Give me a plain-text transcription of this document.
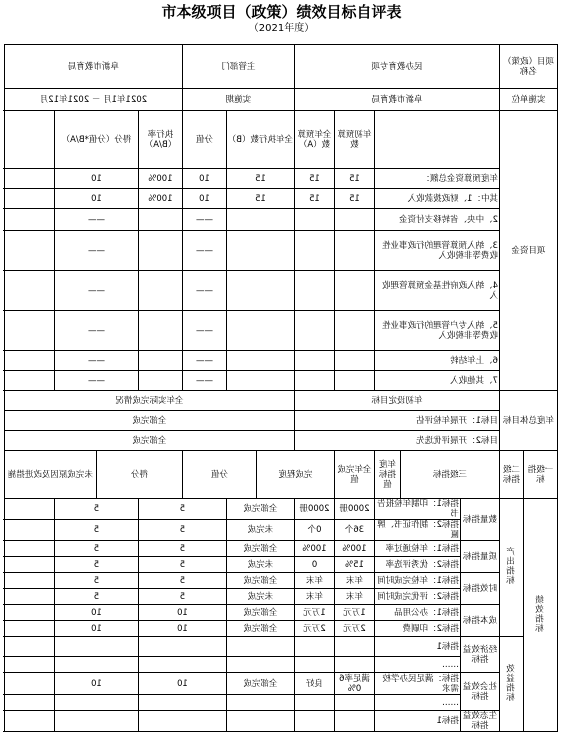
市本级项目（政策）绩效目标自评表
（2021年度）
项目（政策）名称		民办教育专项					主管部门			阜新市教育局			
实施单位		阜新市教育局					实施期			2021年1月 － 2021年12月			
项目资金					年初预算数	全年预算数（A）	全年执行数（B）		分值	执行率（B/A）	得分（分值*B/A）		
		年度预算资金总额：			15	15	15		10	100%	10		
		其中：1、财政拨款收入			15	15	15		10	100%	10		
		2、中央、省转移支付资金							——		——		
		3、纳入预算管理的行政事业性收费等非税收入							——		——		
		4、纳入政府性基金预算管理收入							——		——		
		5、纳入专户管理的行政事业性收费等非税收入							——		——		
		6、上年结转							——		——		
		7、其他收入							——		——		
年度总体目标		年初设定目标					全年实际完成情况						
		目标1：开展年检评估					全部完成						
		目标2：开展评优选先					全部完成						
一级指标	二级指标	三级指标		年度指标值	全年完成值	完成程度		分值		得分		未完成原因及改进措施	
绩效指标	产出指标	数量指标	指标1：印制年检报告书		2000册	2000册	全部完成		5		5		
			指标2：制作证书、牌匾		36个	0个	未完成		5		5		
		质量指标	指标1：年检通过率		100%	100%	全部完成		5		5		
			指标2：优秀评选率		15%	0	未完成		5		5		
		时效指标	指标1：年检完成时间		年末	年末	全部完成		5		5		
			指标2：评优完成时间		年末	年末	未完成		5		5		
		成本指标	指标1：办公用品		1万元	1万元	全部完成		10		10		
			指标2：印刷费		2万元	2万元	全部完成		10		10		
	效益指标	经济效益指标	指标1										
			……										
		社会效益指标	指标：满足民办学校需求		满足率60%	良好	全部完成		10		10		
			……										
		生态效益指标	指标1										
